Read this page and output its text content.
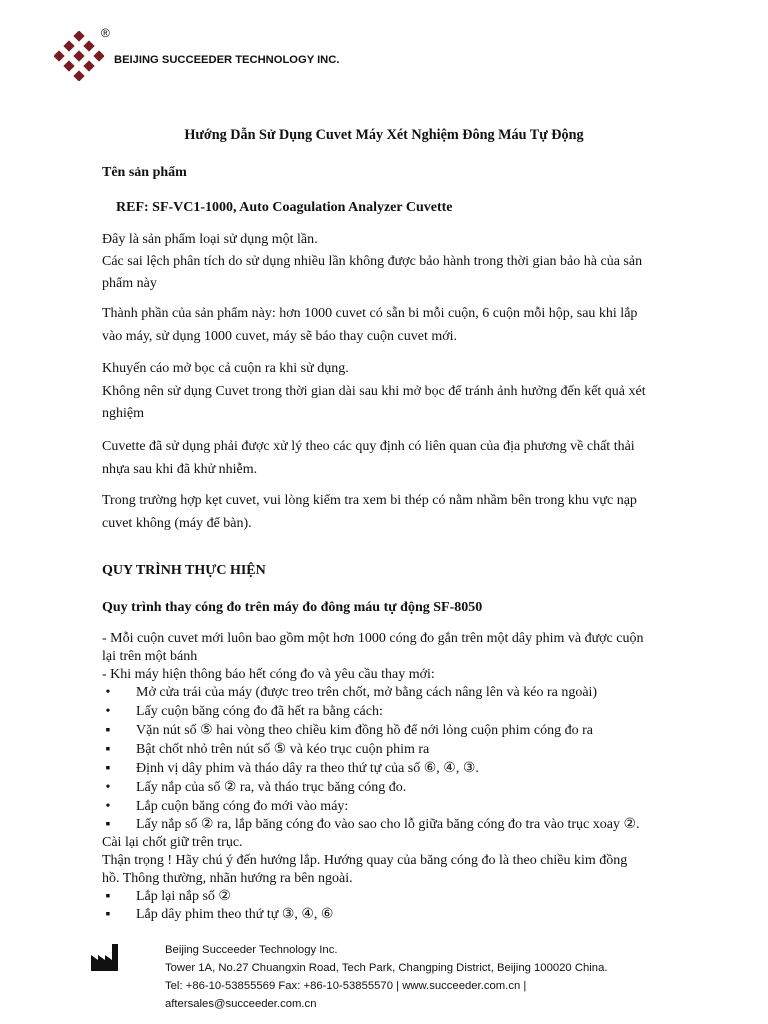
®
BEIJING SUCCEEDER TECHNOLOGY INC.
Hướng Dẫn Sử Dụng Cuvet Máy Xét Nghiệm Đông Máu Tự Động
Tên sản phẩm
REF: SF-VC1-1000, Auto Coagulation Analyzer Cuvette
Đây là sản phẩm loại sử dụng một lần.
Các sai lệch phân tích do sử dụng nhiều lần không được bảo hành trong thời gian bảo hà của sản
phẩm này
Thành phần của sản phẩm này: hơn 1000 cuvet có sẵn bi mỗi cuộn, 6 cuộn mỗi hộp, sau khi lắp
vào máy, sử dụng 1000 cuvet, máy sẽ báo thay cuộn cuvet mới.
Khuyến cáo mở bọc cả cuộn ra khi sử dụng.
Không nên sử dụng Cuvet trong thời gian dài sau khi mở bọc để tránh ảnh hưởng đến kết quả xét
nghiệm
Cuvette đã sử dụng phải được xử lý theo các quy định có liên quan của địa phương về chất thải
nhựa sau khi đã khử nhiễm.
Trong trường hợp kẹt cuvet, vui lòng kiểm tra xem bi thép có nằm nhầm bên trong khu vực nạp
cuvet không (máy để bàn).
QUY TRÌNH THỰC HIỆN
Quy trình thay cóng đo trên máy đo đông máu tự động SF-8050
- Mỗi cuộn cuvet mới luôn bao gồm một hơn 1000 cóng đo gắn trên một dây phim và được cuộn
lại trên một bánh
- Khi máy hiện thông báo hết cóng đo và yêu cầu thay mới:
• Mở cửa trái của máy (được treo trên chốt, mở bằng cách nâng lên và kéo ra ngoài)
• Lấy cuộn băng cóng đo đã hết ra bằng cách:
▪ Vặn nút số ⑤ hai vòng theo chiều kim đồng hồ để nới lỏng cuộn phim cóng đo ra
▪ Bật chốt nhỏ trên nút số ⑤ và kéo trục cuộn phim ra
▪ Định vị dây phim và tháo dây ra theo thứ tự của số ⑥, ④, ③.
• Lấy nắp của số ② ra, và tháo trục băng cóng đo.
• Lắp cuộn băng cóng đo mới vào máy:
▪ Lấy nắp số ② ra, lắp băng cóng đo vào sao cho lỗ giữa băng cóng đo tra vào trục xoay ②.
Cài lại chốt giữ trên trục.
Thận trọng ! Hãy chú ý đến hướng lắp. Hướng quay của băng cóng đo là theo chiều kim đồng
hồ. Thông thường, nhãn hướng ra bên ngoài.
▪ Lắp lại nắp số ②
▪ Lắp dây phim theo thứ tự ③, ④, ⑥
Beijing Succeeder Technology Inc.
Tower 1A, No.27 Chuangxin Road, Tech Park, Changping District, Beijing 100020 China.
Tel: +86-10-53855569 Fax: +86-10-53855570 | www.succeeder.com.cn |
aftersales@succeeder.com.cn
